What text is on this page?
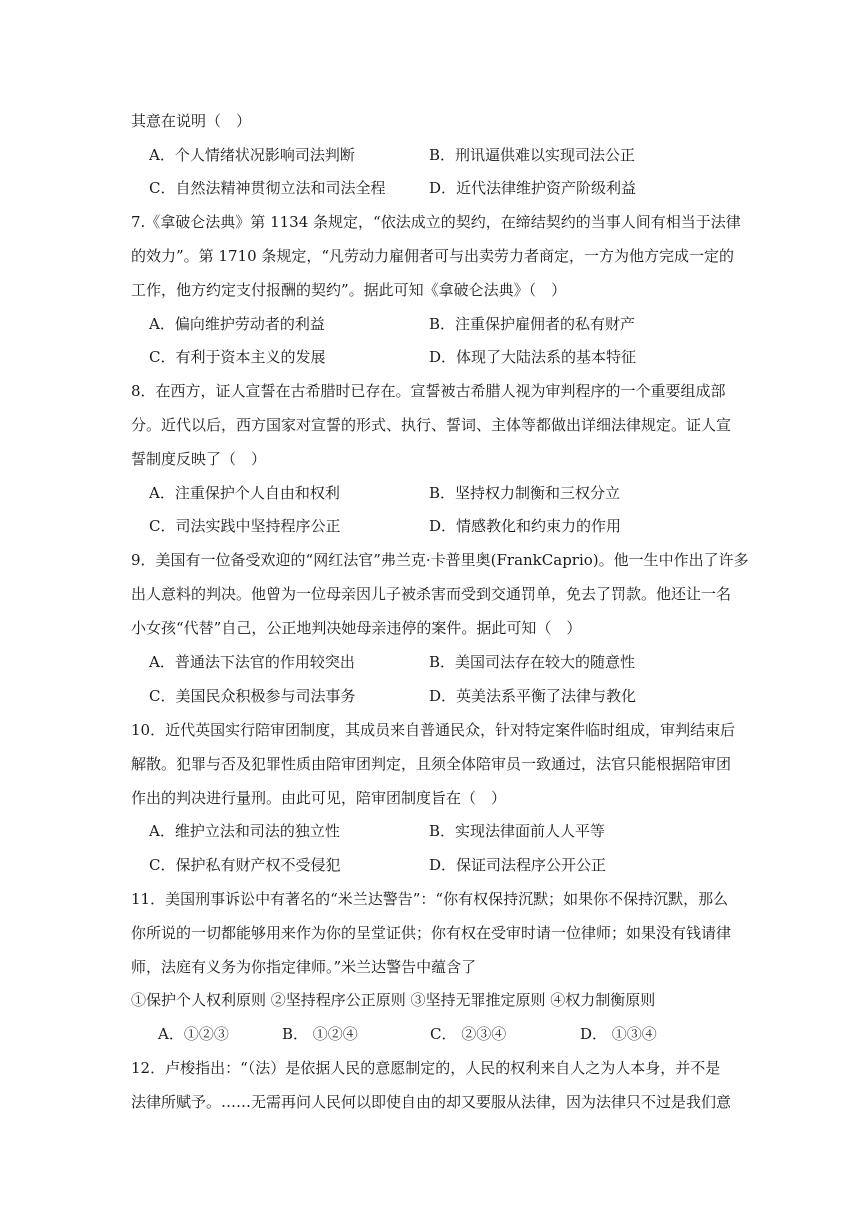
其意在说明（　）
A．个人情绪状况影响司法判断	B．刑讯逼供难以实现司法公正
C．自然法精神贯彻立法和司法全程	D．近代法律维护资产阶级利益
7.《拿破仑法典》第 1134 条规定，“依法成立的契约，在缔结契约的当事人间有相当于法律
的效力”。第 1710 条规定，“凡劳动力雇佣者可与出卖劳力者商定，一方为他方完成一定的
工作，他方约定支付报酬的契约”。据此可知《拿破仑法典》（　）
A．偏向维护劳动者的利益	B．注重保护雇佣者的私有财产
C．有利于资本主义的发展	D．体现了大陆法系的基本特征
8．在西方，证人宣誓在古希腊时已存在。宣誓被古希腊人视为审判程序的一个重要组成部
分。近代以后，西方国家对宣誓的形式、执行、誓词、主体等都做出详细法律规定。证人宣
誓制度反映了（　）
A．注重保护个人自由和权利	B．坚持权力制衡和三权分立
C．司法实践中坚持程序公正	D．情感教化和约束力的作用
9．美国有一位备受欢迎的“网红法官”弗兰克·卡普里奥(FrankCaprio)。他一生中作出了许多
出人意料的判决。他曾为一位母亲因儿子被杀害而受到交通罚单，免去了罚款。他还让一名
小女孩“代替”自己，公正地判决她母亲违停的案件。据此可知（　）
A．普通法下法官的作用较突出	B．美国司法存在较大的随意性
C．美国民众积极参与司法事务	D．英美法系平衡了法律与教化
10．近代英国实行陪审团制度，其成员来自普通民众，针对特定案件临时组成，审判结束后
解散。犯罪与否及犯罪性质由陪审团判定，且须全体陪审员一致通过，法官只能根据陪审团
作出的判决进行量刑。由此可见，陪审团制度旨在（　）
A．维护立法和司法的独立性	B．实现法律面前人人平等
C．保护私有财产权不受侵犯	D．保证司法程序公开公正
11．美国刑事诉讼中有著名的“米兰达警告”：“你有权保持沉默；如果你不保持沉默，那么
你所说的一切都能够用来作为你的呈堂证供；你有权在受审时请一位律师；如果没有钱请律
师，法庭有义务为你指定律师。”米兰达警告中蕴含了
①保护个人权利原则 ②坚持程序公正原则 ③坚持无罪推定原则 ④权力制衡原则
A．①②③	B． ①②④	C． ②③④	D． ①③④
12．卢梭指出：“（法）是依据人民的意愿制定的，人民的权利来自人之为人本身，并不是
法律所赋予。……无需再问人民何以即使自由的却又要服从法律，因为法律只不过是我们意
